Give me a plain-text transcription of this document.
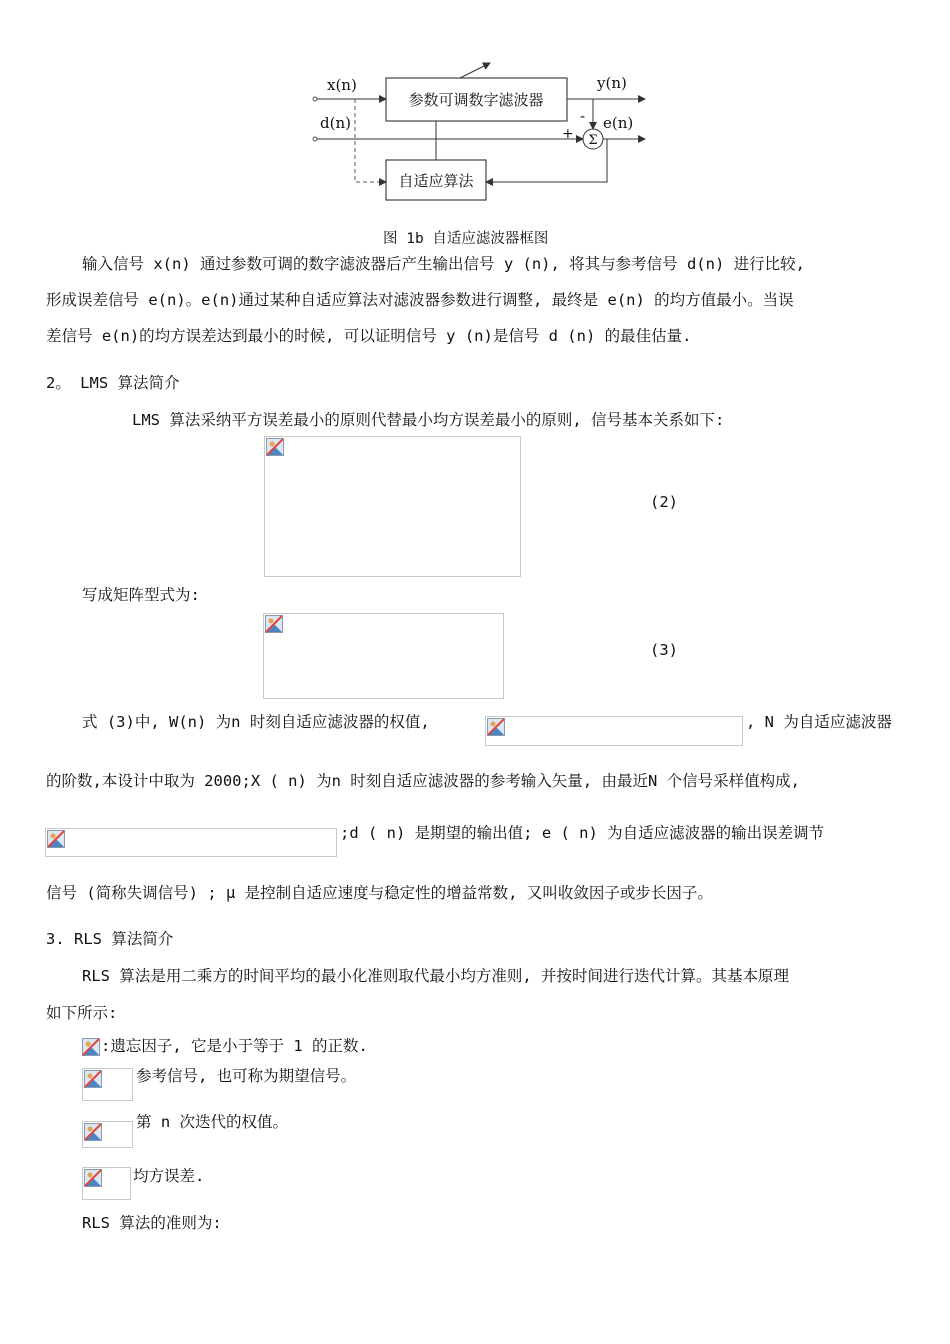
参数可调数字滤波器
自适应算法
x(n)	y(n)
-
Σ
d(n)
+
e(n)
图 1b 自适应滤波器框图
输入信号 x(n) 通过参数可调的数字滤波器后产生输出信号 y (n), 将其与参考信号 d(n) 进行比较,
形成误差信号 e(n)。e(n)通过某种自适应算法对滤波器参数进行调整, 最终是 e(n) 的均方值最小。当误
差信号 e(n)的均方误差达到最小的时候, 可以证明信号 y (n)是信号 d (n) 的最佳估量.
2。 LMS 算法简介
LMS 算法采纳平方误差最小的原则代替最小均方误差最小的原则, 信号基本关系如下:
(2)
写成矩阵型式为:
(3)
式 (3)中, W(n) 为n 时刻自适应滤波器的权值,	, N 为自适应滤波器
的阶数,本设计中取为 2000;X ( n) 为n 时刻自适应滤波器的参考输入矢量, 由最近N 个信号采样值构成,
;d ( n) 是期望的输出值; e ( n) 为自适应滤波器的输出误差调节
信号 (简称失调信号) ; μ 是控制自适应速度与稳定性的增益常数, 又叫收敛因子或步长因子。
3. RLS 算法简介
RLS 算法是用二乘方的时间平均的最小化准则取代最小均方准则, 并按时间进行迭代计算。其基本原理
如下所示:
:遗忘因子, 它是小于等于 1 的正数.
参考信号, 也可称为期望信号。
第 n 次迭代的权值。
均方误差.
RLS 算法的准则为:
